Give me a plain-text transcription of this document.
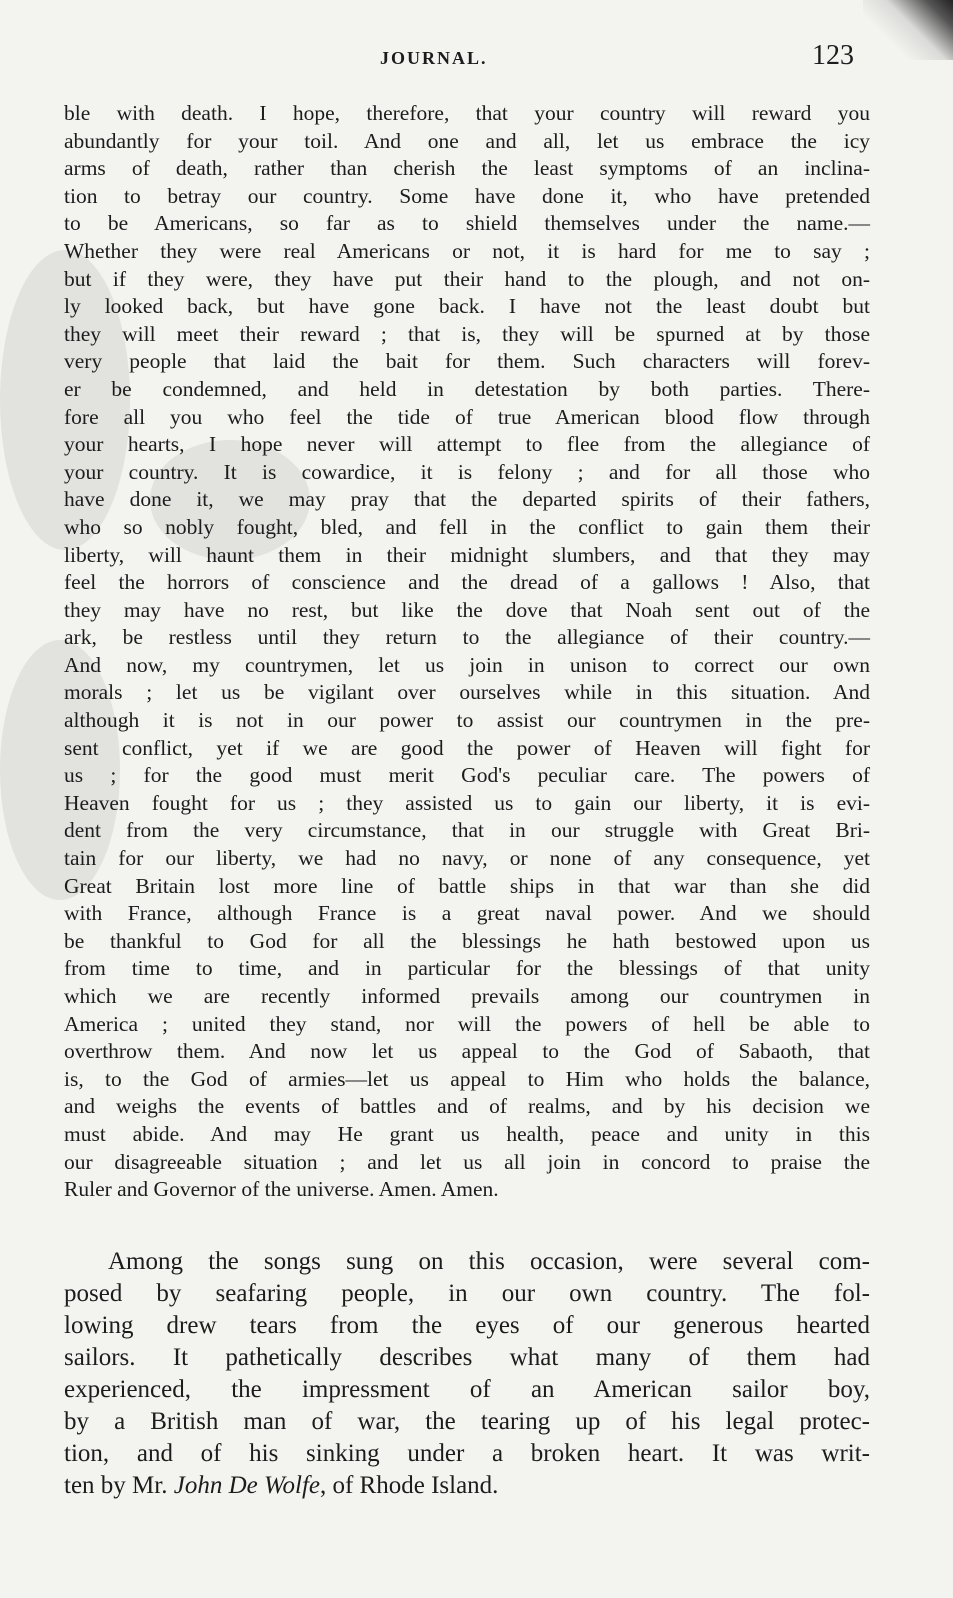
JOURNAL.	123
ble with death. I hope, therefore, that your country will reward you
abundantly for your toil. And one and all, let us embrace the icy
arms of death, rather than cherish the least symptoms of an inclina-
tion to betray our country. Some have done it, who have pretended
to be Americans, so far as to shield themselves under the name.—
Whether they were real Americans or not, it is hard for me to say ;
but if they were, they have put their hand to the plough, and not on-
ly looked back, but have gone back. I have not the least doubt but
they will meet their reward ; that is, they will be spurned at by those
very people that laid the bait for them. Such characters will forev-
er be condemned, and held in detestation by both parties. There-
fore all you who feel the tide of true American blood flow through
your hearts, I hope never will attempt to flee from the allegiance of
your country. It is cowardice, it is felony ; and for all those who
have done it, we may pray that the departed spirits of their fathers,
who so nobly fought, bled, and fell in the conflict to gain them their
liberty, will haunt them in their midnight slumbers, and that they may
feel the horrors of conscience and the dread of a gallows ! Also, that
they may have no rest, but like the dove that Noah sent out of the
ark, be restless until they return to the allegiance of their country.—
And now, my countrymen, let us join in unison to correct our own
morals ; let us be vigilant over ourselves while in this situation. And
although it is not in our power to assist our countrymen in the pre-
sent conflict, yet if we are good the power of Heaven will fight for
us ; for the good must merit God's peculiar care. The powers of
Heaven fought for us ; they assisted us to gain our liberty, it is evi-
dent from the very circumstance, that in our struggle with Great Bri-
tain for our liberty, we had no navy, or none of any consequence, yet
Great Britain lost more line of battle ships in that war than she did
with France, although France is a great naval power. And we should
be thankful to God for all the blessings he hath bestowed upon us
from time to time, and in particular for the blessings of that unity
which we are recently informed prevails among our countrymen in
America ; united they stand, nor will the powers of hell be able to
overthrow them. And now let us appeal to the God of Sabaoth, that
is, to the God of armies—let us appeal to Him who holds the balance,
and weighs the events of battles and of realms, and by his decision we
must abide. And may He grant us health, peace and unity in this
our disagreeable situation ; and let us all join in concord to praise the
Ruler and Governor of the universe. Amen. Amen.
Among the songs sung on this occasion, were several com-
posed by seafaring people, in our own country. The fol-
lowing drew tears from the eyes of our generous hearted
sailors. It pathetically describes what many of them had
experienced, the impressment of an American sailor boy,
by a British man of war, the tearing up of his legal protec-
tion, and of his sinking under a broken heart. It was writ-
ten by Mr. John De Wolfe, of Rhode Island.
